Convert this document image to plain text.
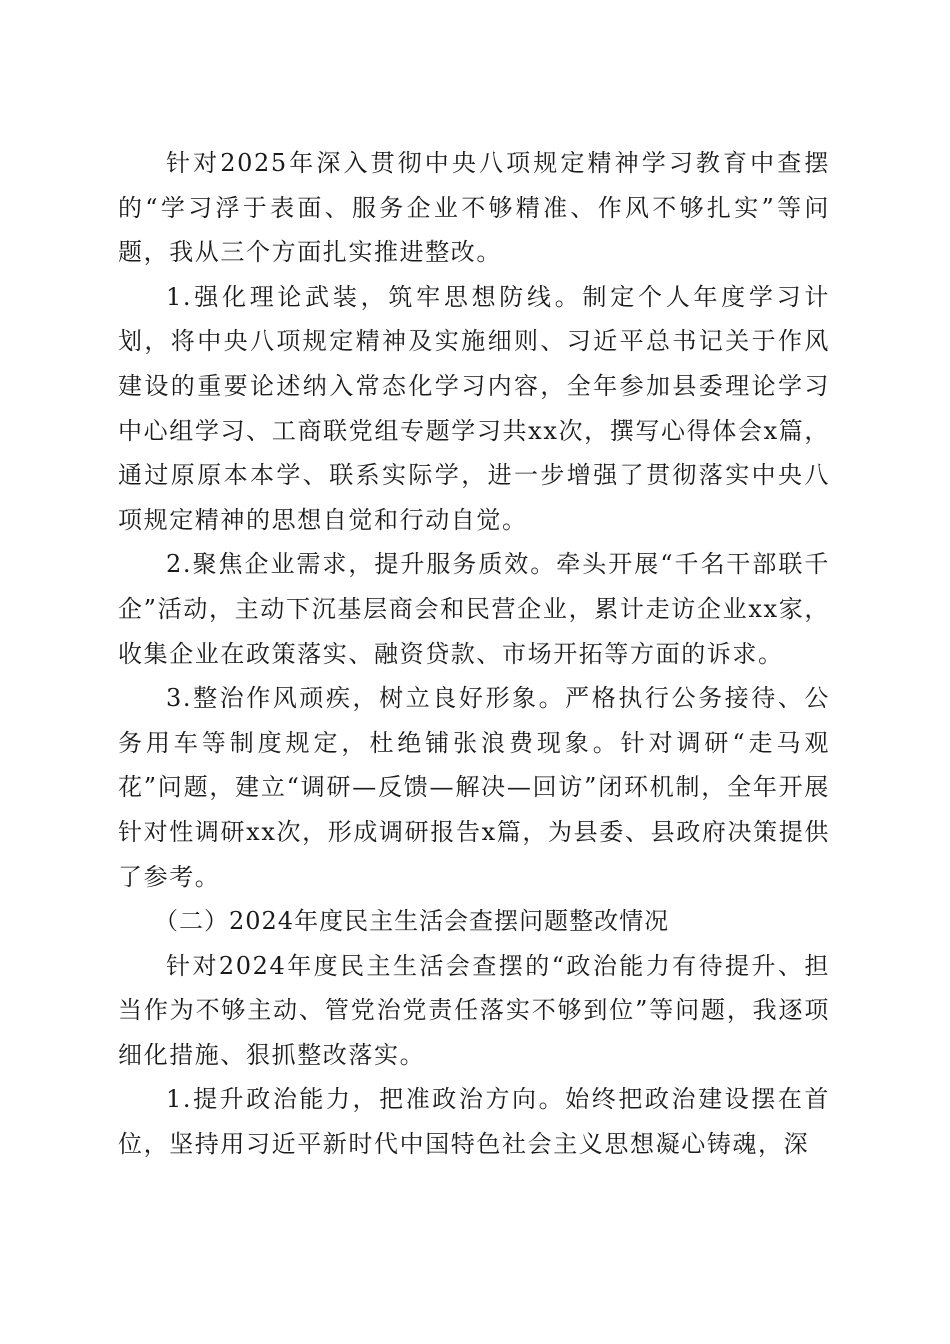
针对2025年深入贯彻中央八项规定精神学习教育中查摆的“学习浮于表面、服务企业不够精准、作风不够扎实”等问题，我从三个方面扎实推进整改。

1.强化理论武装，筑牢思想防线。制定个人年度学习计划，将中央八项规定精神及实施细则、习近平总书记关于作风建设的重要论述纳入常态化学习内容，全年参加县委理论学习中心组学习、工商联党组专题学习共xx次，撰写心得体会x篇，通过原原本本学、联系实际学，进一步增强了贯彻落实中央八项规定精神的思想自觉和行动自觉。

2.聚焦企业需求，提升服务质效。牵头开展“千名干部联千企”活动，主动下沉基层商会和民营企业，累计走访企业xx家，收集企业在政策落实、融资贷款、市场开拓等方面的诉求。

3.整治作风顽疾，树立良好形象。严格执行公务接待、公务用车等制度规定，杜绝铺张浪费现象。针对调研“走马观花”问题，建立“调研—反馈—解决—回访”闭环机制，全年开展针对性调研xx次，形成调研报告x篇，为县委、县政府决策提供了参考。

（二）2024年度民主生活会查摆问题整改情况

针对2024年度民主生活会查摆的“政治能力有待提升、担当作为不够主动、管党治党责任落实不够到位”等问题，我逐项细化措施、狠抓整改落实。

1.提升政治能力，把准政治方向。始终把政治建设摆在首位，坚持用习近平新时代中国特色社会主义思想凝心铸魂，深
